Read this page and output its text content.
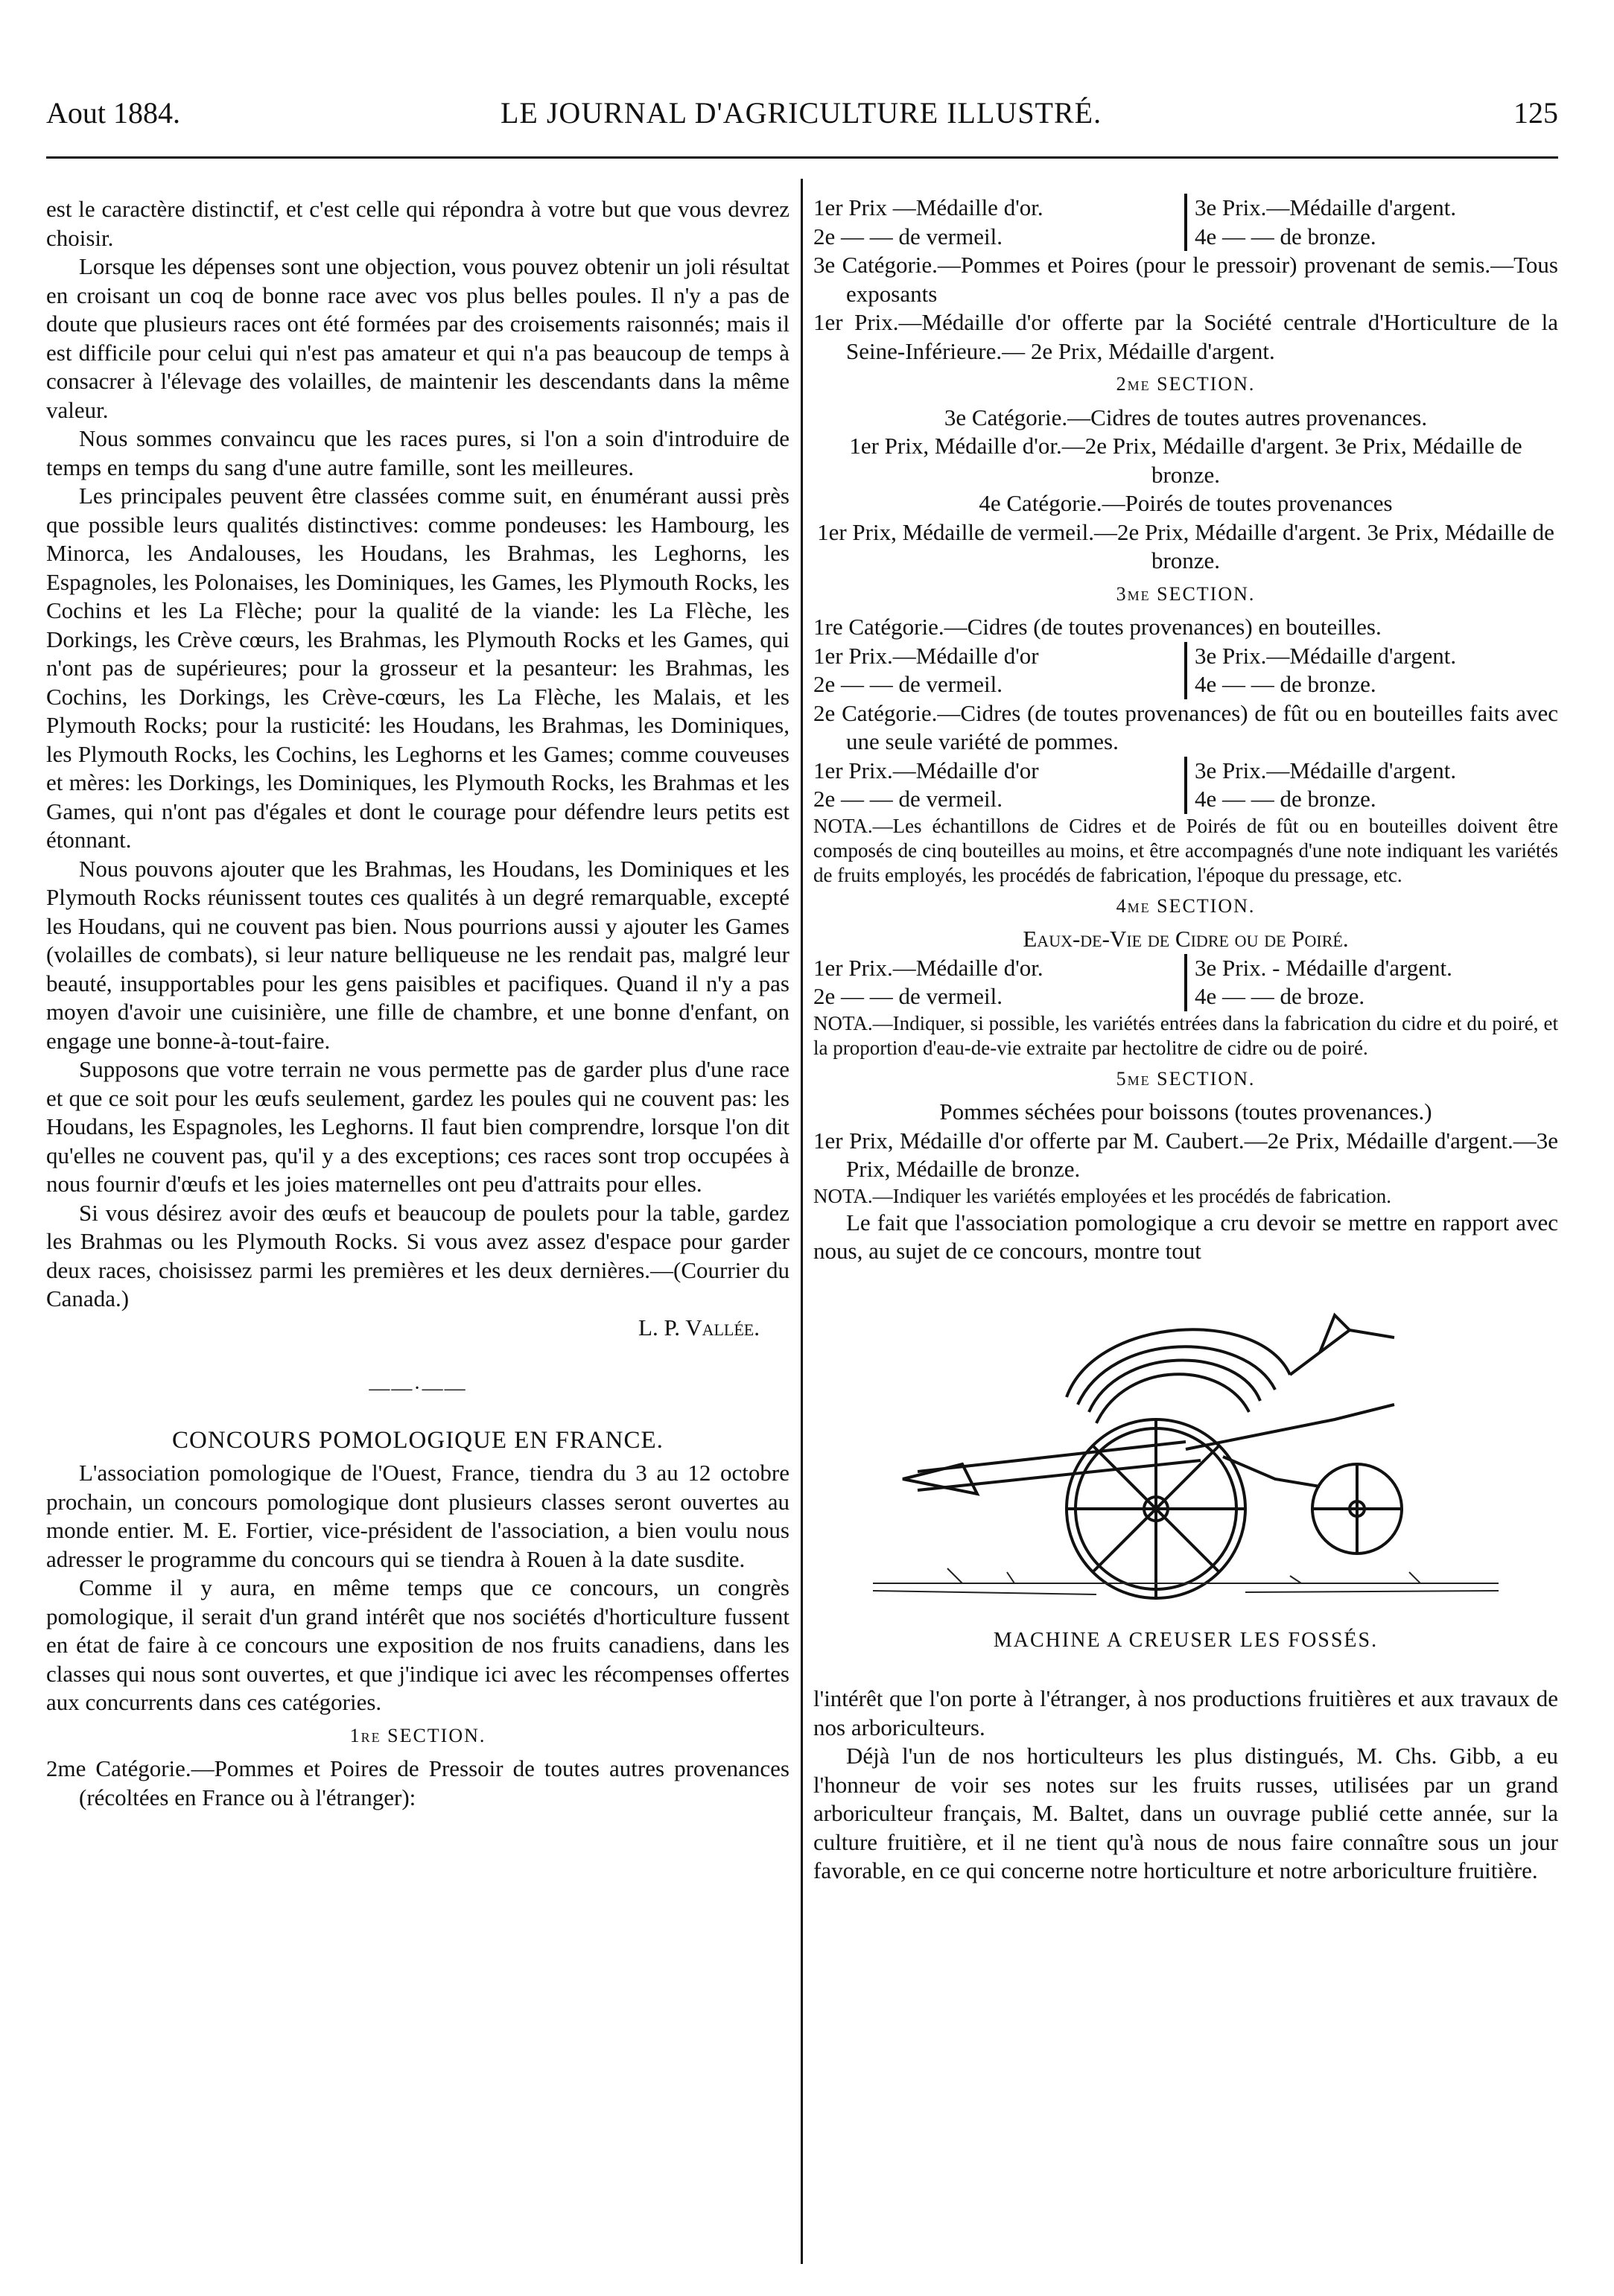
Aout 1884.	LE JOURNAL D'AGRICULTURE ILLUSTRÉ.	125

est le caractère distinctif, et c'est celle qui répondra à votre but que vous devrez choisir.

Lorsque les dépenses sont une objection, vous pouvez obtenir un joli résultat en croisant un coq de bonne race avec vos plus belles poules. Il n'y a pas de doute que plusieurs races ont été formées par des croisements raisonnés; mais il est difficile pour celui qui n'est pas amateur et qui n'a pas beaucoup de temps à consacrer à l'élevage des volailles, de maintenir les descendants dans la même valeur.

Nous sommes convaincu que les races pures, si l'on a soin d'introduire de temps en temps du sang d'une autre famille, sont les meilleures.

Les principales peuvent être classées comme suit, en énumérant aussi près que possible leurs qualités distinctives: comme pondeuses: les Hambourg, les Minorca, les Andalouses, les Houdans, les Brahmas, les Leghorns, les Espagnoles, les Polonaises, les Dominiques, les Games, les Plymouth Rocks, les Cochins et les La Flèche; pour la qualité de la viande: les La Flèche, les Dorkings, les Crève cœurs, les Brahmas, les Plymouth Rocks et les Games, qui n'ont pas de supérieures; pour la grosseur et la pesanteur: les Brahmas, les Cochins, les Dorkings, les Crève-cœurs, les La Flèche, les Malais, et les Plymouth Rocks; pour la rusticité: les Houdans, les Brahmas, les Dominiques, les Plymouth Rocks, les Cochins, les Leghorns et les Games; comme couveuses et mères: les Dorkings, les Dominiques, les Plymouth Rocks, les Brahmas et les Games, qui n'ont pas d'égales et dont le courage pour défendre leurs petits est étonnant.

Nous pouvons ajouter que les Brahmas, les Houdans, les Dominiques et les Plymouth Rocks réunissent toutes ces qualités à un degré remarquable, excepté les Houdans, qui ne couvent pas bien. Nous pourrions aussi y ajouter les Games (volailles de combats), si leur nature belliqueuse ne les rendait pas, malgré leur beauté, insupportables pour les gens paisibles et pacifiques. Quand il n'y a pas moyen d'avoir une cuisinière, une fille de chambre, et une bonne d'enfant, on engage une bonne-à-tout-faire.

Supposons que votre terrain ne vous permette pas de garder plus d'une race et que ce soit pour les œufs seulement, gardez les poules qui ne couvent pas: les Houdans, les Espagnoles, les Leghorns. Il faut bien comprendre, lorsque l'on dit qu'elles ne couvent pas, qu'il y a des exceptions; ces races sont trop occupées à nous fournir d'œufs et les joies maternelles ont peu d'attraits pour elles.

Si vous désirez avoir des œufs et beaucoup de poulets pour la table, gardez les Brahmas ou les Plymouth Rocks. Si vous avez assez d'espace pour garder deux races, choisissez parmi les premières et les deux dernières.—(Courrier du Canada.)

L. P. Vallée.
——·——
CONCOURS POMOLOGIQUE EN FRANCE.

L'association pomologique de l'Ouest, France, tiendra du 3 au 12 octobre prochain, un concours pomologique dont plusieurs classes seront ouvertes au monde entier. M. E. Fortier, vice-président de l'association, a bien voulu nous adresser le programme du concours qui se tiendra à Rouen à la date susdite.

Comme il y aura, en même temps que ce concours, un congrès pomologique, il serait d'un grand intérêt que nos sociétés d'horticulture fussent en état de faire à ce concours une exposition de nos fruits canadiens, dans les classes qui nous sont ouvertes, et que j'indique ici avec les récompenses offertes aux concurrents dans ces catégories.

1re SECTION.

2me Catégorie.—Pommes et Poires de Pressoir de toutes autres provenances (récoltées en France ou à l'étranger):

1er Prix —Médaille d'or.
2e — — de vermeil.
3e Prix.—Médaille d'argent.
4e — — de bronze.

3e Catégorie.—Pommes et Poires (pour le pressoir) provenant de semis.—Tous exposants

1er Prix.—Médaille d'or offerte par la Société centrale d'Horticulture de la Seine-Inférieure.— 2e Prix, Médaille d'argent.

2me SECTION.

3e Catégorie.—Cidres de toutes autres provenances.

1er Prix, Médaille d'or.—2e Prix, Médaille d'argent. 3e Prix, Médaille de bronze.

4e Catégorie.—Poirés de toutes provenances

1er Prix, Médaille de vermeil.—2e Prix, Médaille d'argent. 3e Prix, Médaille de bronze.

3me SECTION.

1re Catégorie.—Cidres (de toutes provenances) en bouteilles.

1er Prix.—Médaille d'or
2e — — de vermeil.
3e Prix.—Médaille d'argent.
4e — — de bronze.

2e Catégorie.—Cidres (de toutes provenances) de fût ou en bouteilles faits avec une seule variété de pommes.

1er Prix.—Médaille d'or
2e — — de vermeil.
3e Prix.—Médaille d'argent.
4e — — de bronze.

NOTA.—Les échantillons de Cidres et de Poirés de fût ou en bouteilles doivent être composés de cinq bouteilles au moins, et être accompagnés d'une note indiquant les variétés de fruits employés, les procédés de fabrication, l'époque du pressage, etc.

4me SECTION.

Eaux-de-Vie de Cidre ou de Poiré.

1er Prix.—Médaille d'or.
2e — — de vermeil.
3e Prix. - Médaille d'argent.
4e — — de broze.

NOTA.—Indiquer, si possible, les variétés entrées dans la fabrication du cidre et du poiré, et la proportion d'eau-de-vie extraite par hectolitre de cidre ou de poiré.

5me SECTION.

Pommes séchées pour boissons (toutes provenances.)

1er Prix, Médaille d'or offerte par M. Caubert.—2e Prix, Médaille d'argent.—3e Prix, Médaille de bronze.

NOTA.—Indiquer les variétés employées et les procédés de fabrication.

Le fait que l'association pomologique a cru devoir se mettre en rapport avec nous, au sujet de ce concours, montre tout

MACHINE A CREUSER LES FOSSÉS.

l'intérêt que l'on porte à l'étranger, à nos productions fruitières et aux travaux de nos arboriculteurs.

Déjà l'un de nos horticulteurs les plus distingués, M. Chs. Gibb, a eu l'honneur de voir ses notes sur les fruits russes, utilisées par un grand arboriculteur français, M. Baltet, dans un ouvrage publié cette année, sur la culture fruitière, et il ne tient qu'à nous de nous faire connaître sous un jour favorable, en ce qui concerne notre horticulture et notre arboriculture fruitière.
